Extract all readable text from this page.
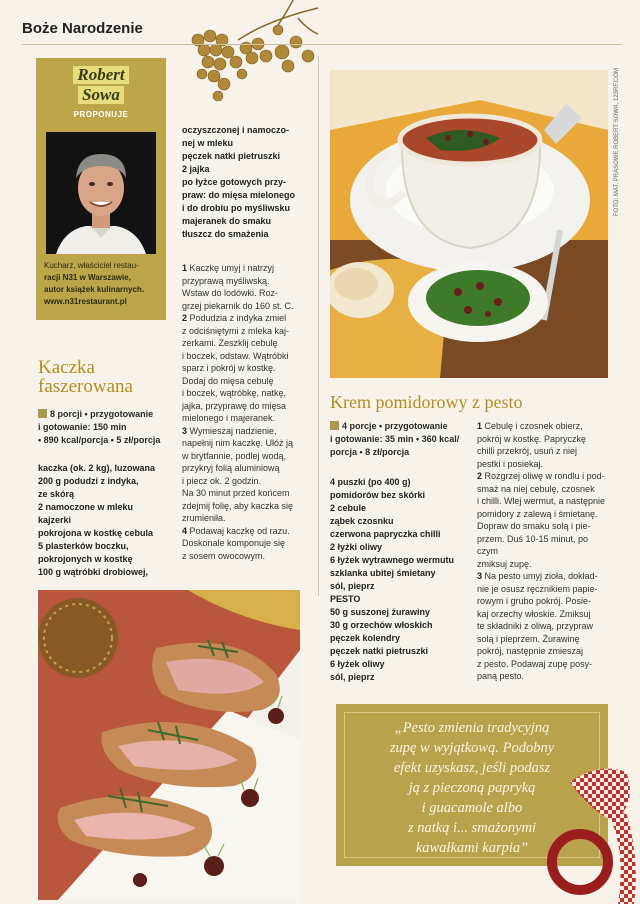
Boże Narodzenie
Robert
Sowa
PROPONUJE
Kucharz, właściciel restau-
racji N31 w Warszawie,
autor książek kulinarnych.
www.n31restaurant.pl
Kaczka
faszerowana
8 porcji • przygotowanie
i gotowanie: 150 min
• 890 kcal/porcja • 5 zł/porcja
kaczka (ok. 2 kg), luzowana
200 g podudzi z indyka,
ze skórą
2 namoczone w mleku
kajzerki
pokrojona w kostkę cebula
5 plasterków boczku,
pokrojonych w kostkę
100 g wątróbki drobiowej,
oczyszczonej i namoczo-
nej w mleku
pęczek natki pietruszki
2 jajka
po łyżce gotowych przy-
praw: do mięsa mielonego
i do drobiu po myśliwsku
majeranek do smaku
tłuszcz do smażenia
1 Kaczkę umyj i natrzyj
przyprawą myśliwską.
Wstaw do lodówki. Roz-
grzej piekarnik do 160 st. C.
2 Podudzia z indyka zmiel
z odciśniętymi z mleka kaj-
zerkami. Zeszklij cebulę
i boczek, odstaw. Wątróbki
sparz i pokrój w kostkę.
Dodaj do mięsa cebulę
i boczek, wątróbkę, natkę,
jajka, przyprawę do mięsa
mielonego i majeranek.
3 Wymieszaj nadzienie,
napełnij nim kaczkę. Ułóż ją
w brytfannie, podlej wodą,
przykryj folią aluminiową
i piecz ok. 2 godzin.
Na 30 minut przed końcem
zdejmij folię, aby kaczka się
zrumieniła.
4 Podawaj kaczkę od razu.
Doskonale komponuje się
z sosem owocowym.
FOTO: MAT. PRASOWE ROBERT SOWA, 123RF.COM
Krem pomidorowy z pesto
4 porcje • przygotowanie
i gotowanie: 35 min • 360 kcal/
porcja • 8 zł/porcja
4 puszki (po 400 g)
pomidorów bez skórki
2 cebule
ząbek czosnku
czerwona papryczka chilli
2 łyżki oliwy
6 łyżek wytrawnego wermutu
szklanka ubitej śmietany
sól, pieprz
PESTO
50 g suszonej żurawiny
30 g orzechów włoskich
pęczek kolendry
pęczek natki pietruszki
6 łyżek oliwy
sól, pieprz
1 Cebulę i czosnek obierz,
pokrój w kostkę. Papryczkę
chilli przekrój, usuń z niej
pestki i posiekaj.
2 Rozgrzej oliwę w rondlu i pod-
smaż na niej cebulę, czosnek
i chilli. Wlej wermut, a następnie
pomidory z zalewą i śmietanę.
Dopraw do smaku solą i pie-
przem. Duś 10-15 minut, po czym
zmiksuj zupę.
3 Na pesto umyj zioła, dokład-
nie je osusz ręcznikiem papie-
rowym i grubo pokrój. Posie-
kaj orzechy włoskie. Zmiksuj
te składniki z oliwą, przypraw
solą i pieprzem. Żurawinę
pokrój, następnie zmieszaj
z pesto. Podawaj zupę posy-
paną pesto.
„Pesto zmienia tradycyjną
zupę w wyjątkową. Podobny
efekt uzyskasz, jeśli podasz
ją z pieczoną papryką
i guacamole albo
z natką i... smażonymi
kawałkami karpia”
